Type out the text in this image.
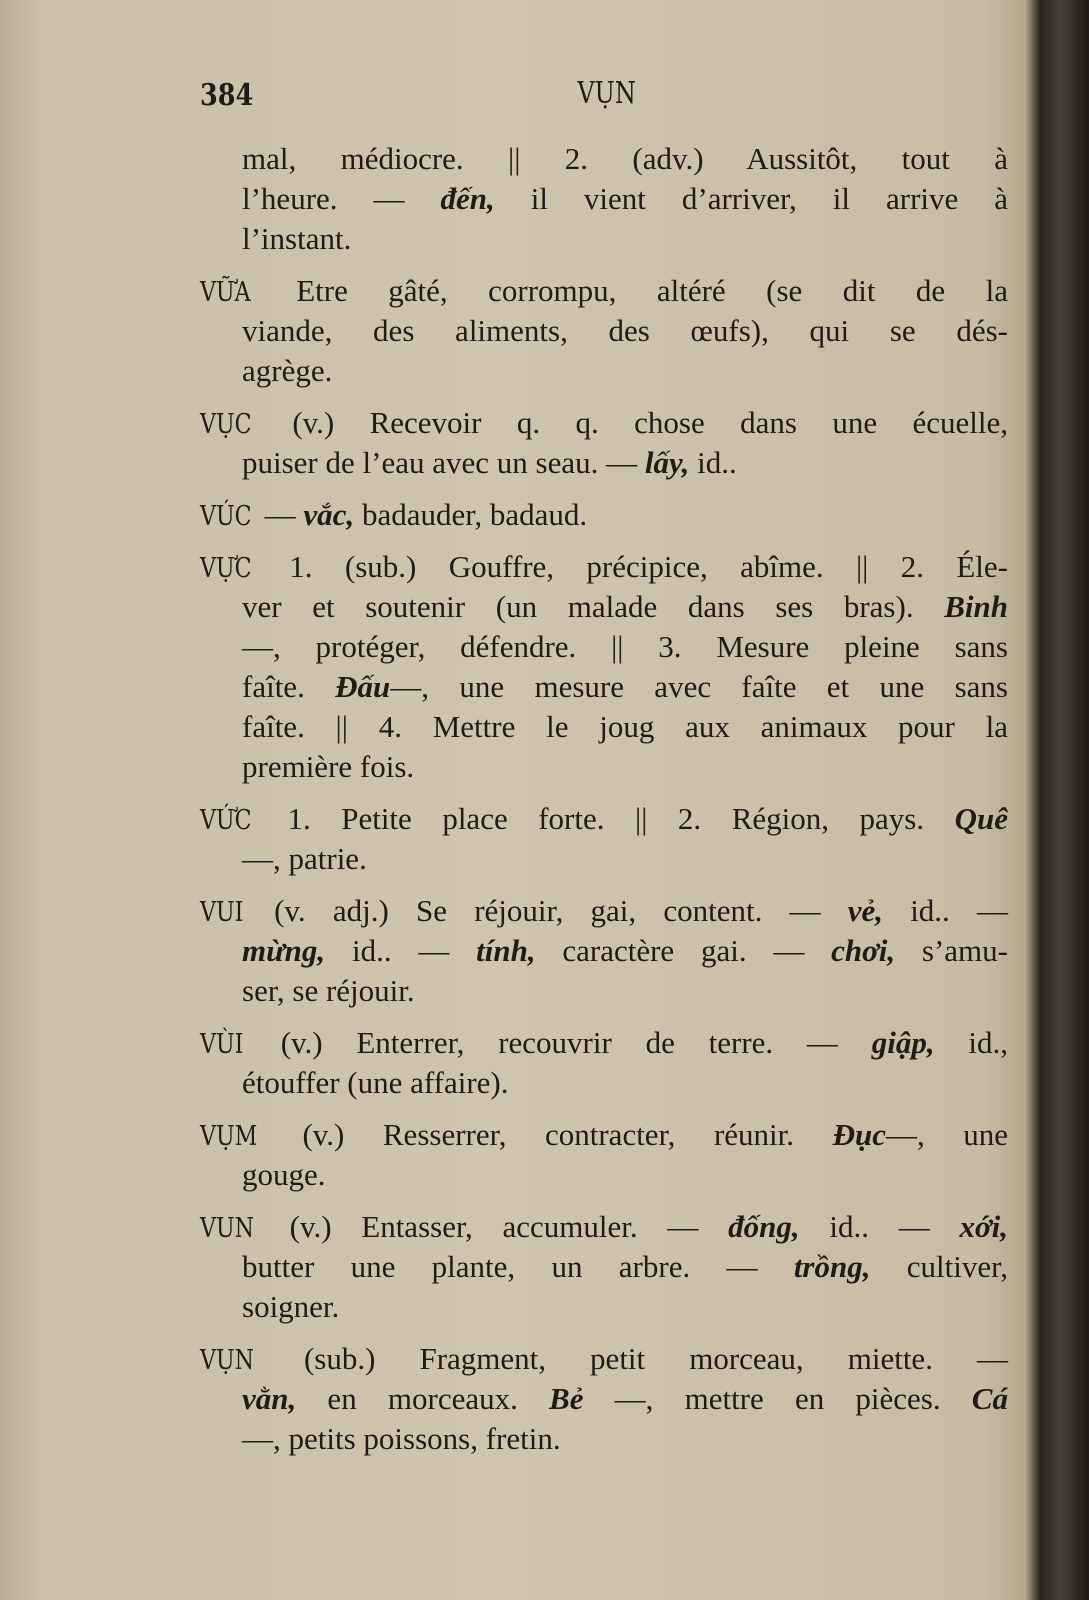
384	VỤN
mal, médiocre. || 2. (adv.) Aussitôt, tout à
l’heure. — đến, il vient d’arriver, il arrive à
l’instant.
VỮA Etre gâté, corrompu, altéré (se dit de la
viande, des aliments, des œufs), qui se dés-
agrège.
VỤC (v.) Recevoir q. q. chose dans une écuelle,
puiser de l’eau avec un seau. — lấy, id..
VÚC — vắc, badauder, badaud.
VỰC 1. (sub.) Gouffre, précipice, abîme. || 2. Éle-
ver et soutenir (un malade dans ses bras). Binh
—, protéger, défendre. || 3. Mesure pleine sans
faîte. Đấu—, une mesure avec faîte et une sans
faîte. || 4. Mettre le joug aux animaux pour la
première fois.
VỨC 1. Petite place forte. || 2. Région, pays. Quê
—, patrie.
VUI (v. adj.) Se réjouir, gai, content. — vẻ, id.. —
mừng, id.. — tính, caractère gai. — chơi, s’amu-
ser, se réjouir.
VÙI (v.) Enterrer, recouvrir de terre. — giập, id.,
étouffer (une affaire).
VỤM (v.) Resserrer, contracter, réunir. Đục—, une
gouge.
VUN (v.) Entasser, accumuler. — đống, id.. — xới,
butter une plante, un arbre. — trồng, cultiver,
soigner.
VỤN (sub.) Fragment, petit morceau, miette. —
vằn, en morceaux. Bẻ —, mettre en pièces. Cá
—, petits poissons, fretin.
